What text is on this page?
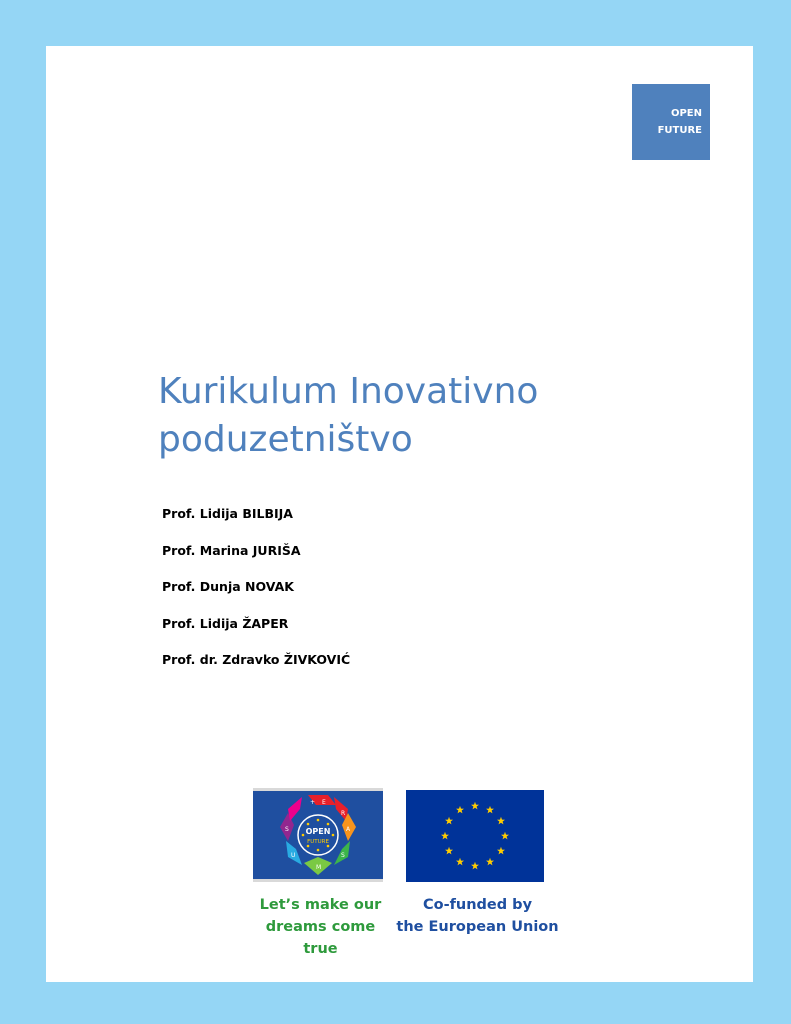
OPEN
FUTURE
Kurikulum Inovativno
poduzetništvo
Prof. Lidija BILBIJA
Prof. Marina JURIŠA
Prof. Dunja NOVAK
Prof. Lidija ŽAPER
Prof. dr. Zdravko ŽIVKOVIĆ
OPEN
FUTURE
E
R
A
S
M
U
S
+
Let’s make our
dreams come true
Co-funded by
the European Union
